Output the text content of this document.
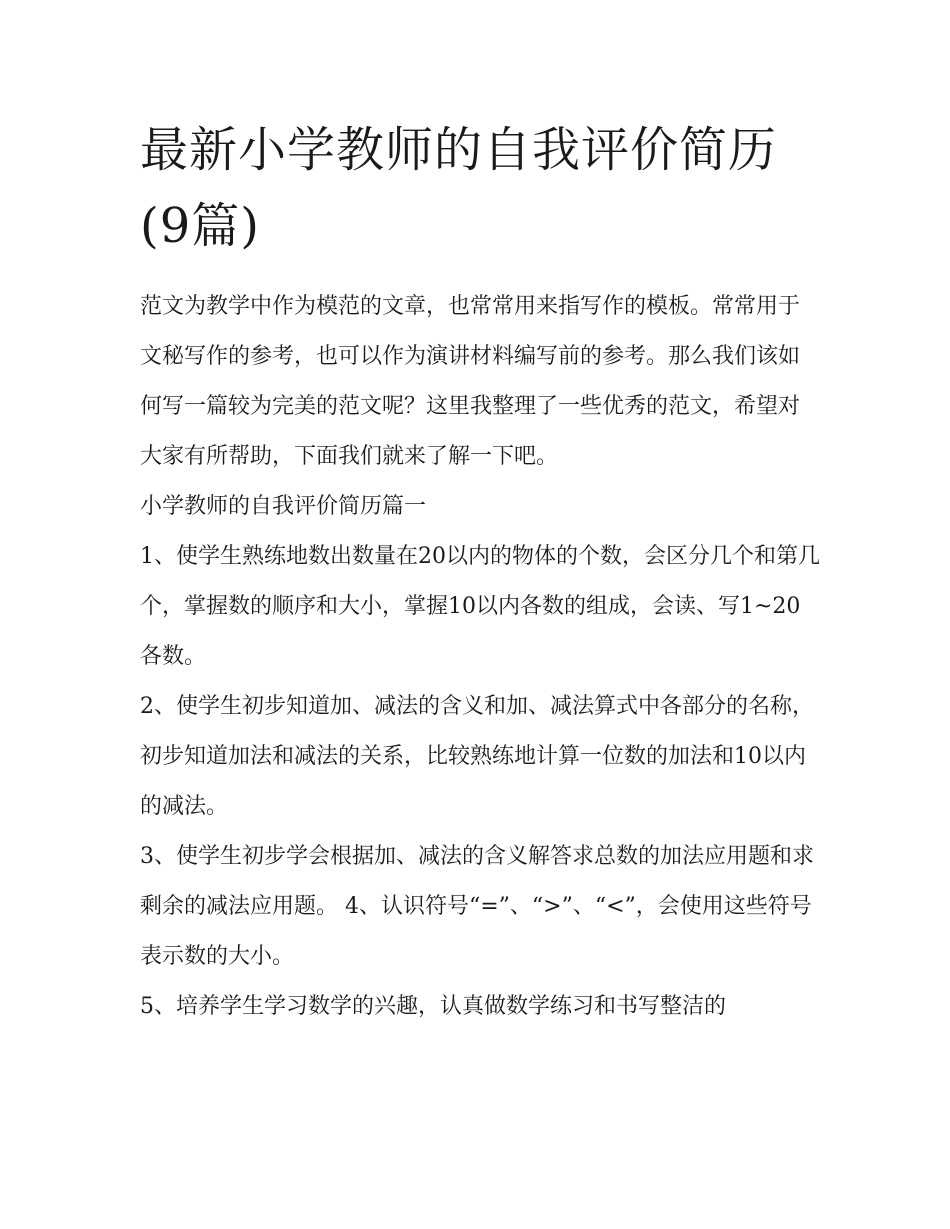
最新小学教师的自我评价简历(9篇)

范文为教学中作为模范的文章，也常常用来指写作的模板。常常用于文秘写作的参考，也可以作为演讲材料编写前的参考。那么我们该如何写一篇较为完美的范文呢？这里我整理了一些优秀的范文，希望对大家有所帮助，下面我们就来了解一下吧。

小学教师的自我评价简历篇一

1、使学生熟练地数出数量在20以内的物体的个数，会区分几个和第几个，掌握数的顺序和大小，掌握10以内各数的组成，会读、写1~20各数。

2、使学生初步知道加、减法的含义和加、减法算式中各部分的名称，初步知道加法和减法的关系，比较熟练地计算一位数的加法和10以内的减法。

3、使学生初步学会根据加、减法的含义解答求总数的加法应用题和求剩余的减法应用题。 4、认识符号“=”、“>”、“<”，会使用这些符号表示数的大小。

5、培养学生学习数学的兴趣，认真做数学练习和书写整洁的
